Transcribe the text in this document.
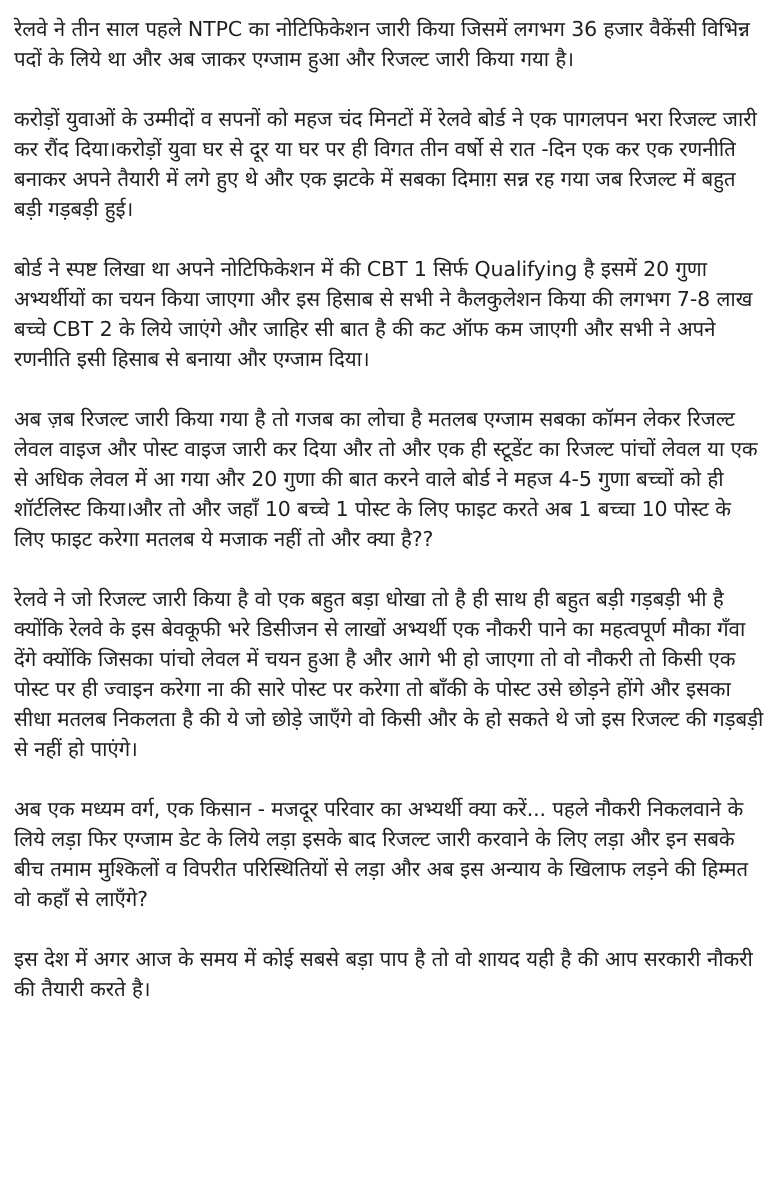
रेलवे ने तीन साल पहले NTPC का नोटिफिकेशन जारी किया जिसमें लगभग 36 हजार वैकेंसी विभिन्न पदों के लिये था और अब जाकर एग्जाम हुआ और रिजल्ट जारी किया गया है।

करोड़ों युवाओं के उम्मीदों व सपनों को महज चंद मिनटों में रेलवे बोर्ड ने एक पागलपन भरा रिजल्ट जारी कर रौंद दिया।करोड़ों युवा घर से दूर या घर पर ही विगत तीन वर्षो से रात -दिन एक कर एक रणनीति बनाकर अपने तैयारी में लगे हुए थे और एक झटके में सबका दिमाग़ सन्न रह गया जब रिजल्ट में बहुत बड़ी गड़बड़ी हुई।

बोर्ड ने स्पष्ट लिखा था अपने नोटिफिकेशन में की CBT 1 सिर्फ Qualifying है इसमें 20 गुणा अभ्यर्थीयों का चयन किया जाएगा और इस हिसाब से सभी ने कैलकुलेशन किया की लगभग 7-8 लाख बच्चे CBT 2 के लिये जाएंगे और जाहिर सी बात है की कट ऑफ कम जाएगी और सभी ने अपने रणनीति इसी हिसाब से बनाया और एग्जाम दिया।

अब ज़ब रिजल्ट जारी किया गया है तो गजब का लोचा है मतलब एग्जाम सबका कॉमन लेकर रिजल्ट लेवल वाइज और पोस्ट वाइज जारी कर दिया और तो और एक ही स्टूडेंट का रिजल्ट पांचों लेवल या एक से अधिक लेवल में आ गया और 20 गुणा की बात करने वाले बोर्ड ने महज 4-5 गुणा बच्चों को ही शॉर्टलिस्ट किया।और तो और जहाँ 10 बच्चे 1 पोस्ट के लिए फाइट करते अब 1 बच्चा 10 पोस्ट के लिए फाइट करेगा मतलब ये मजाक नहीं तो और क्या है??

रेलवे ने जो रिजल्ट जारी किया है वो एक बहुत बड़ा धोखा तो है ही साथ ही बहुत बड़ी गड़बड़ी भी है क्योंकि रेलवे के इस बेवकूफी भरे डिसीजन से लाखों अभ्यर्थी एक नौकरी पाने का महत्वपूर्ण मौका गँवा देंगे क्योंकि जिसका पांचो लेवल में चयन हुआ है और आगे भी हो जाएगा तो वो नौकरी तो किसी एक पोस्ट पर ही ज्वाइन करेगा ना की सारे पोस्ट पर करेगा तो बाँकी के पोस्ट उसे छोड़ने होंगे और इसका सीधा मतलब निकलता है की ये जो छोड़े जाएँगे वो किसी और के हो सकते थे जो इस रिजल्ट की गड़बड़ी से नहीं हो पाएंगे।

अब एक मध्यम वर्ग, एक किसान - मजदूर परिवार का अभ्यर्थी क्या करें... पहले नौकरी निकलवाने के लिये लड़ा फिर एग्जाम डेट के लिये लड़ा इसके बाद रिजल्ट जारी करवाने के लिए लड़ा और इन सबके बीच तमाम मुश्किलों व विपरीत परिस्थितियों से लड़ा और अब इस अन्याय के खिलाफ लड़ने की हिम्मत वो कहाँ से लाएँगे?

इस देश में अगर आज के समय में कोई सबसे बड़ा पाप है तो वो शायद यही है की आप सरकारी नौकरी की तैयारी करते है।
